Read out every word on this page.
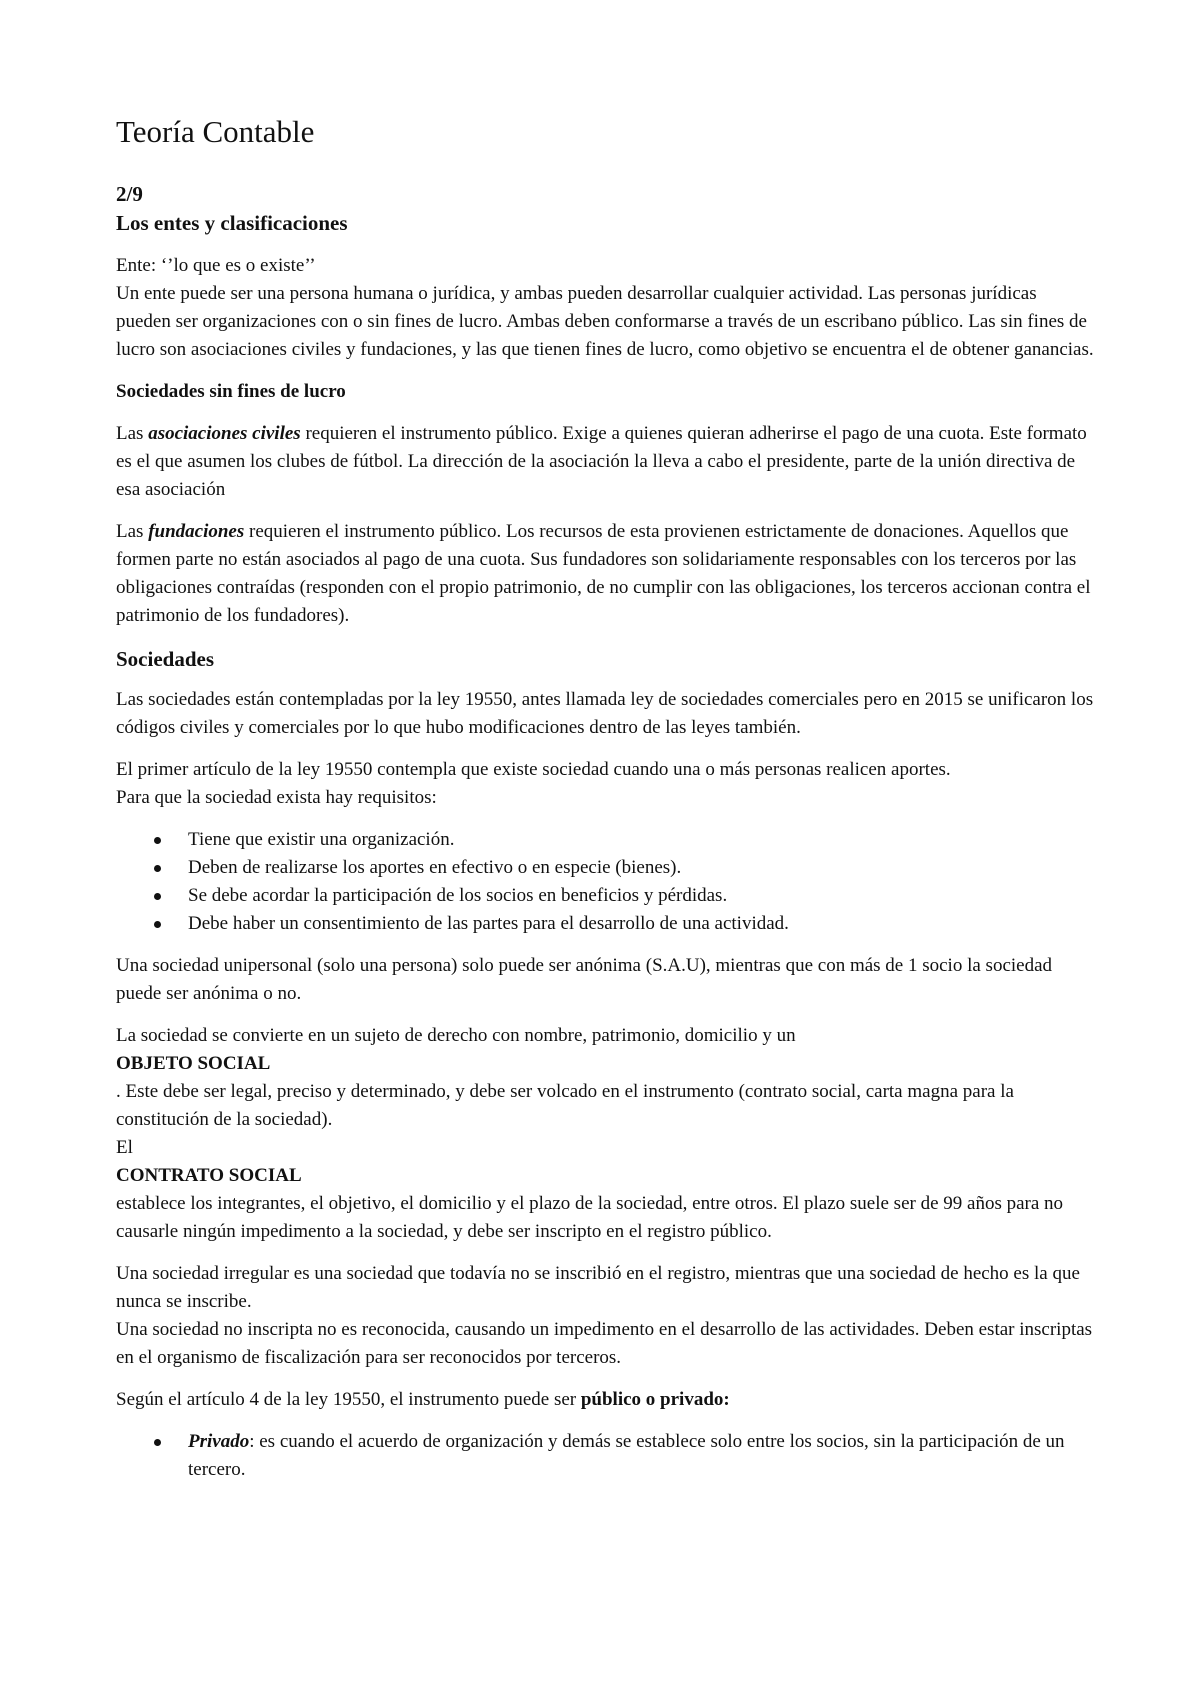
Teoría Contable
2/9
Los entes y clasificaciones

Ente: ‘’lo que es o existe’’
Un ente puede ser una persona humana o jurídica, y ambas pueden desarrollar cualquier actividad. Las personas jurídicas pueden ser organizaciones con o sin fines de lucro. Ambas deben conformarse a través de un escribano público. Las sin fines de lucro son asociaciones civiles y fundaciones, y las que tienen fines de lucro, como objetivo se encuentra el de obtener ganancias.

Sociedades sin fines de lucro

Las asociaciones civiles requieren el instrumento público. Exige a quienes quieran adherirse el pago de una cuota. Este formato es el que asumen los clubes de fútbol. La dirección de la asociación la lleva a cabo el presidente, parte de la unión directiva de esa asociación

Las fundaciones requieren el instrumento público. Los recursos de esta provienen estrictamente de donaciones. Aquellos que formen parte no están asociados al pago de una cuota. Sus fundadores son solidariamente responsables con los terceros por las obligaciones contraídas (responden con el propio patrimonio, de no cumplir con las obligaciones, los terceros accionan contra el patrimonio de los fundadores).

Sociedades

Las sociedades están contempladas por la ley 19550, antes llamada ley de sociedades comerciales pero en 2015 se unificaron los códigos civiles y comerciales por lo que hubo modificaciones dentro de las leyes también.

El primer artículo de la ley 19550 contempla que existe sociedad cuando una o más personas realicen aportes.
Para que la sociedad exista hay requisitos:

Tiene que existir una organización.
Deben de realizarse los aportes en efectivo o en especie (bienes).
Se debe acordar la participación de los socios en beneficios y pérdidas.
Debe haber un consentimiento de las partes para el desarrollo de una actividad.

Una sociedad unipersonal (solo una persona) solo puede ser anónima (S.A.U), mientras que con más de 1 socio la sociedad puede ser anónima o no.

La sociedad se convierte en un sujeto de derecho con nombre, patrimonio, domicilio y un
OBJETO SOCIAL
. Este debe ser legal, preciso y determinado, y debe ser volcado en el instrumento (contrato social, carta magna para la constitución de la sociedad).
El
CONTRATO SOCIAL
establece los integrantes, el objetivo, el domicilio y el plazo de la sociedad, entre otros. El plazo suele ser de 99 años para no causarle ningún impedimento a la sociedad, y debe ser inscripto en el registro público.

Una sociedad irregular es una sociedad que todavía no se inscribió en el registro, mientras que una sociedad de hecho es la que nunca se inscribe.
Una sociedad no inscripta no es reconocida, causando un impedimento en el desarrollo de las actividades. Deben estar inscriptas en el organismo de fiscalización para ser reconocidos por terceros.

Según el artículo 4 de la ley 19550, el instrumento puede ser público o privado:

Privado: es cuando el acuerdo de organización y demás se establece solo entre los socios, sin la participación de un tercero.
